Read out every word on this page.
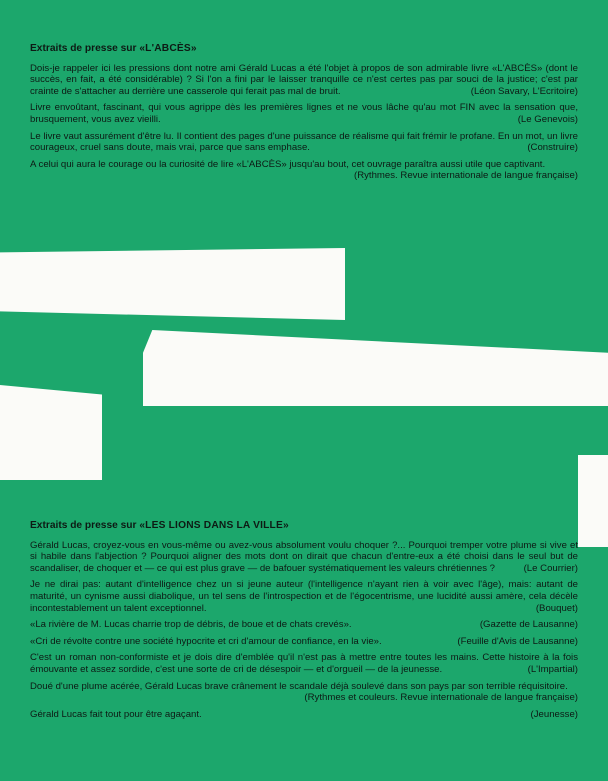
Extraits de presse sur «L'ABCÈS»
Dois-je rappeler ici les pressions dont notre ami Gérald Lucas a été l'objet à propos de son admirable livre «L'ABCÈS» (dont le succès, en fait, a été considérable) ? Si l'on a fini par le laisser tranquille ce n'est certes pas par souci de la justice; c'est par crainte de s'attacher au derrière une casserole qui ferait pas mal de bruit.	(Léon Savary, L'Ecritoire)
Livre envoûtant, fascinant, qui vous agrippe dès les premières lignes et ne vous lâche qu'au mot FIN avec la sensation que, brusquement, vous avez vieilli.	(Le Genevois)
Le livre vaut assurément d'être lu. Il contient des pages d'une puissance de réalisme qui fait frémir le profane. En un mot, un livre courageux, cruel sans doute, mais vrai, parce que sans emphase.	(Construire)
A celui qui aura le courage ou la curiosité de lire «L'ABCÈS» jusqu'au bout, cet ouvrage paraîtra aussi utile que captivant.
(Rythmes. Revue internationale de langue française)
Extraits de presse sur «LES LIONS DANS LA VILLE»
Gérald Lucas, croyez-vous en vous-même ou avez-vous absolument voulu choquer ?... Pourquoi tremper votre plume si vive et si habile dans l'abjection ? Pourquoi aligner des mots dont on dirait que chacun d'entre-eux a été choisi dans le seul but de scandaliser, de choquer et — ce qui est plus grave — de bafouer systématiquement les valeurs chrétiennes ?	(Le Courrier)
Je ne dirai pas: autant d'intelligence chez un si jeune auteur (l'intelligence n'ayant rien à voir avec l'âge), mais: autant de maturité, un cynisme aussi diabolique, un tel sens de l'introspection et de l'égocentrisme, une lucidité aussi amère, cela décèle incontestablement un talent exceptionnel.	(Bouquet)
«La rivière de M. Lucas charrie trop de débris, de boue et de chats crevés».	(Gazette de Lausanne)
«Cri de révolte contre une société hypocrite et cri d'amour de confiance, en la vie».	(Feuille d'Avis de Lausanne)
C'est un roman non-conformiste et je dois dire d'emblée qu'il n'est pas à mettre entre toutes les mains. Cette histoire à la fois émouvante et assez sordide, c'est une sorte de cri de désespoir — et d'orgueil — de la jeunesse.	(L'Impartial)
Doué d'une plume acérée, Gérald Lucas brave crânement le scandale déjà soulevé dans son pays par son terrible réquisitoire.
(Rythmes et couleurs. Revue internationale de langue française)
Gérald Lucas fait tout pour être agaçant.	(Jeunesse)
